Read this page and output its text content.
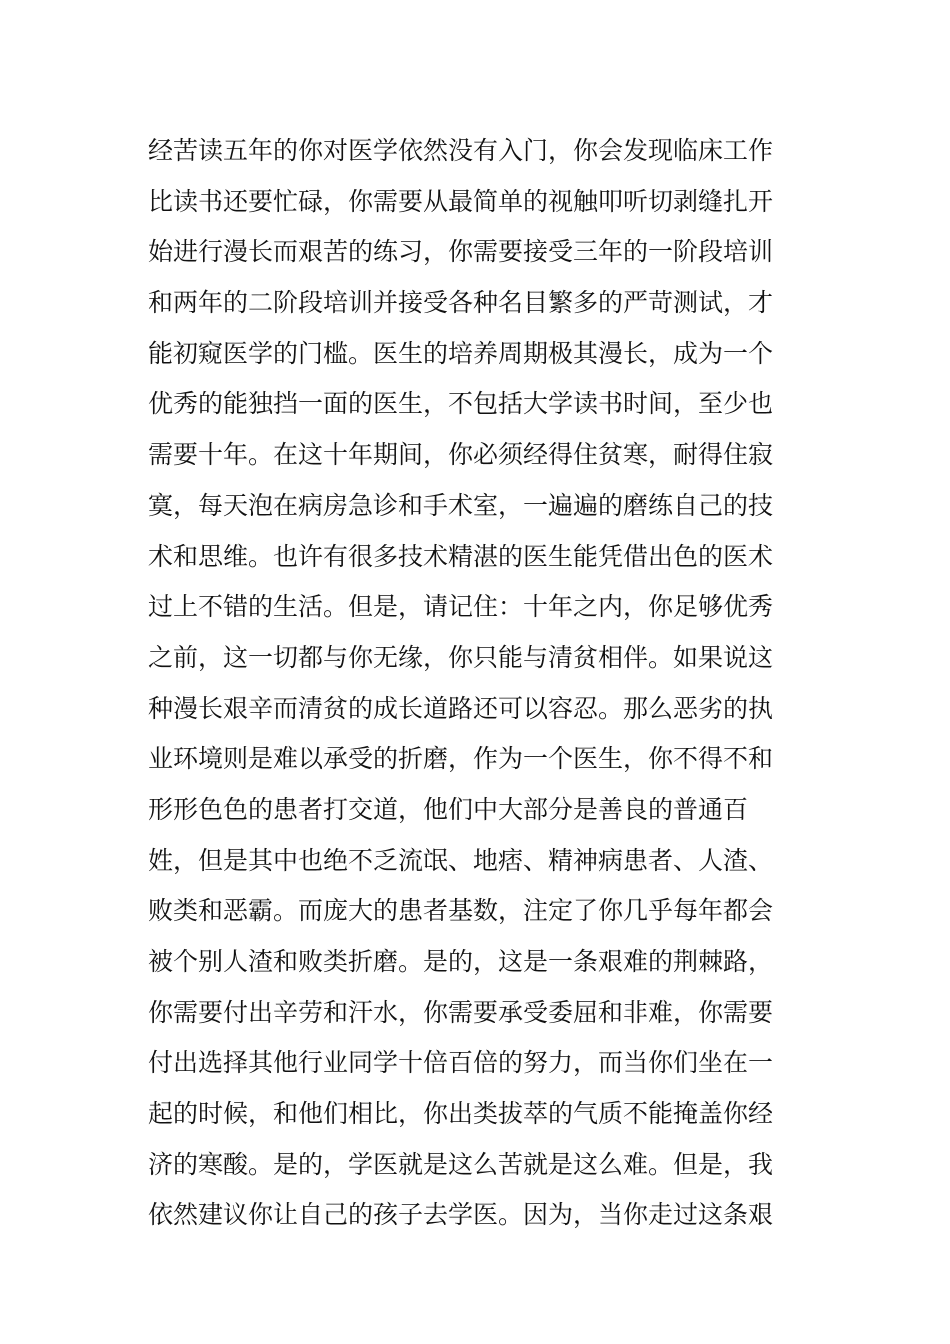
经苦读五年的你对医学依然没有入门，你会发现临床工作
比读书还要忙碌，你需要从最简单的视触叩听切剥缝扎开
始进行漫长而艰苦的练习，你需要接受三年的一阶段培训
和两年的二阶段培训并接受各种名目繁多的严苛测试，才
能初窥医学的门槛。医生的培养周期极其漫长，成为一个
优秀的能独挡一面的医生，不包括大学读书时间，至少也
需要十年。在这十年期间，你必须经得住贫寒，耐得住寂
寞，每天泡在病房急诊和手术室，一遍遍的磨练自己的技
术和思维。也许有很多技术精湛的医生能凭借出色的医术
过上不错的生活。但是，请记住：十年之内，你足够优秀
之前，这一切都与你无缘，你只能与清贫相伴。如果说这
种漫长艰辛而清贫的成长道路还可以容忍。那么恶劣的执
业环境则是难以承受的折磨，作为一个医生，你不得不和
形形色色的患者打交道，他们中大部分是善良的普通百
姓，但是其中也绝不乏流氓、地痞、精神病患者、人渣、
败类和恶霸。而庞大的患者基数，注定了你几乎每年都会
被个别人渣和败类折磨。是的，这是一条艰难的荆棘路，
你需要付出辛劳和汗水，你需要承受委屈和非难，你需要
付出选择其他行业同学十倍百倍的努力，而当你们坐在一
起的时候，和他们相比，你出类拔萃的气质不能掩盖你经
济的寒酸。是的，学医就是这么苦就是这么难。但是，我
依然建议你让自己的孩子去学医。因为，当你走过这条艰
